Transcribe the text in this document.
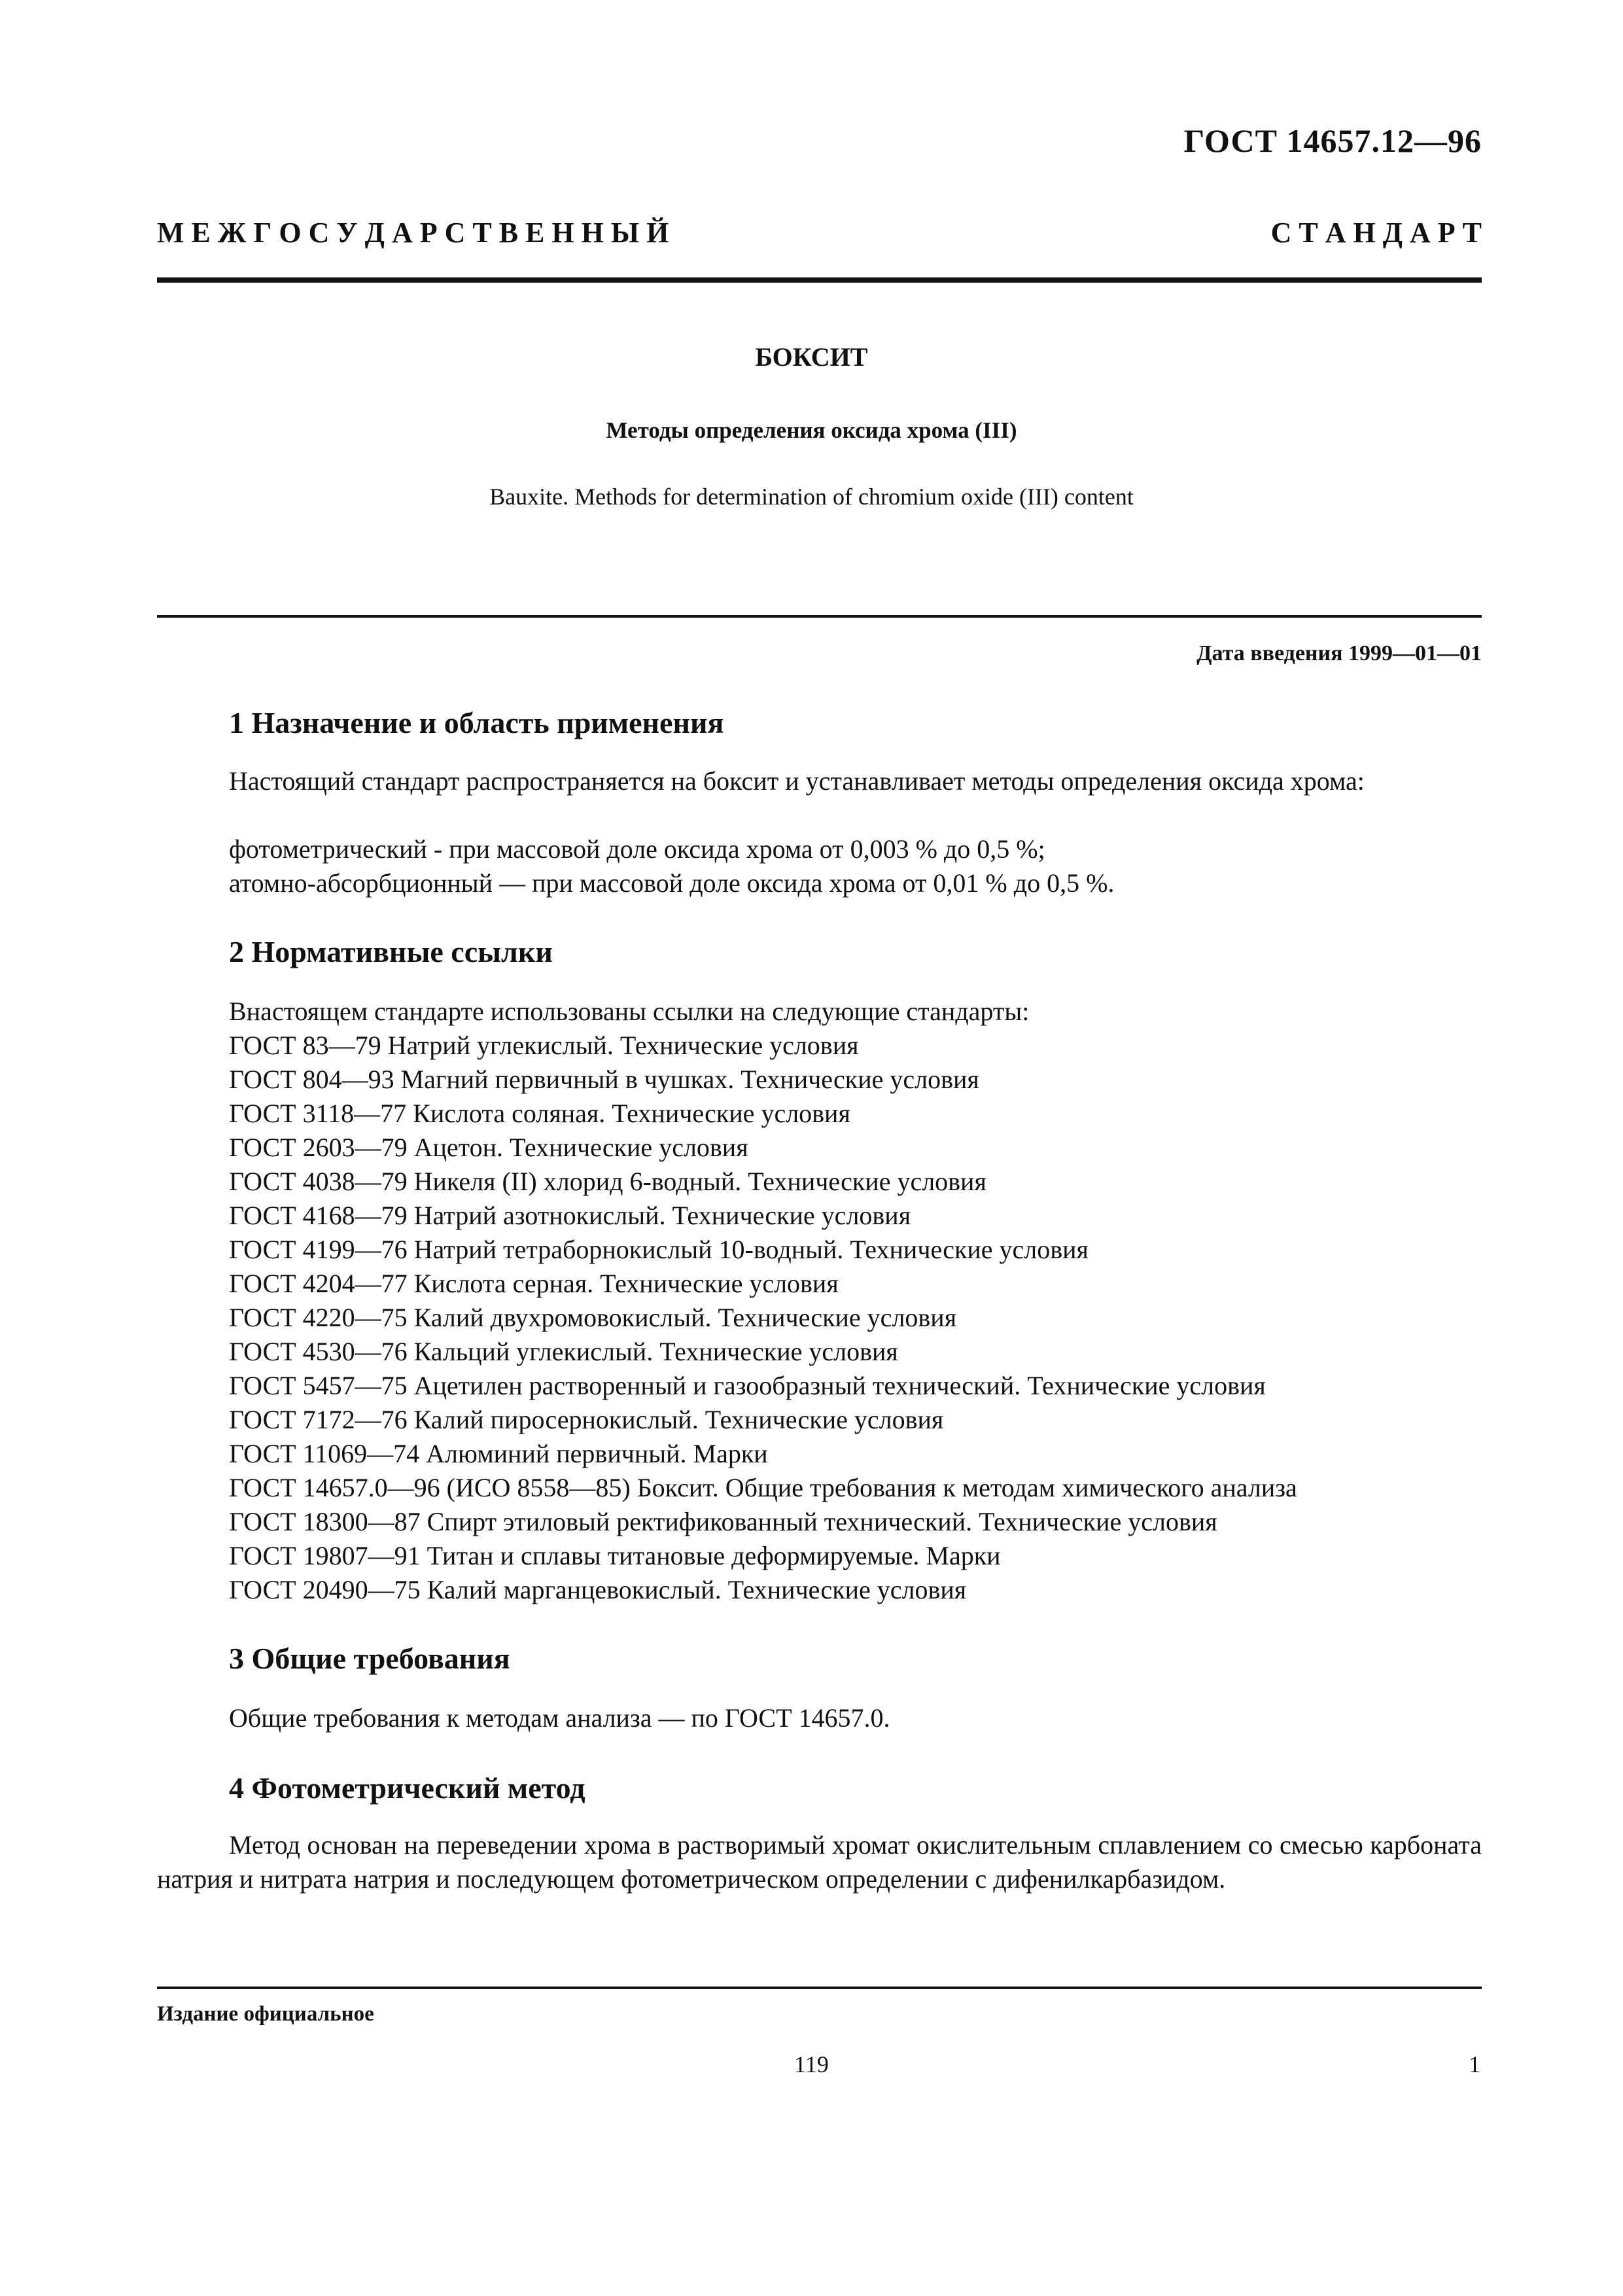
ГОСТ 14657.12—96
М Е Ж Г О С У Д А Р С Т В Е Н Н Ы Й	С Т А Н Д А Р Т
БОКСИТ
Методы определения оксида хрома (III)
Bauxite. Methods for determination of chromium oxide (III) content
Дата введения 1999—01—01
1 Назначение и область применения
Настоящий стандарт распространяется на боксит и устанавливает методы определения оксида хрома:
фотометрический - при массовой доле оксида хрома от 0,003 % до 0,5 %;
атомно-абсорбционный — при массовой доле оксида хрома от 0,01 % до 0,5 %.
2 Нормативные ссылки
Внастоящем стандарте использованы ссылки на следующие стандарты:
ГОСТ 83—79 Натрий углекислый. Технические условия
ГОСТ 804—93 Магний первичный в чушках. Технические условия
ГОСТ 3118—77 Кислота соляная. Технические условия
ГОСТ 2603—79 Ацетон. Технические условия
ГОСТ 4038—79 Никеля (II) хлорид 6-водный. Технические условия
ГОСТ 4168—79 Натрий азотнокислый. Технические условия
ГОСТ 4199—76 Натрий тетраборнокислый 10-водный. Технические условия
ГОСТ 4204—77 Кислота серная. Технические условия
ГОСТ 4220—75 Калий двухромовокислый. Технические условия
ГОСТ 4530—76 Кальций углекислый. Технические условия
ГОСТ 5457—75 Ацетилен растворенный и газообразный технический. Технические условия
ГОСТ 7172—76 Калий пиросернокислый. Технические условия
ГОСТ 11069—74 Алюминий первичный. Марки
ГОСТ 14657.0—96 (ИСО 8558—85) Боксит. Общие требования к методам химического анализа
ГОСТ 18300—87 Спирт этиловый ректификованный технический. Технические условия
ГОСТ 19807—91 Титан и сплавы титановые деформируемые. Марки
ГОСТ 20490—75 Калий марганцевокислый. Технические условия
3 Общие требования
Общие требования к методам анализа — по ГОСТ 14657.0.
4 Фотометрический метод
Метод основан на переведении хрома в растворимый хромат окислительным сплавлением со смесью карбоната натрия и нитрата натрия и последующем фотометрическом определении с дифенилкарбазидом.
Издание официальное
119	1
